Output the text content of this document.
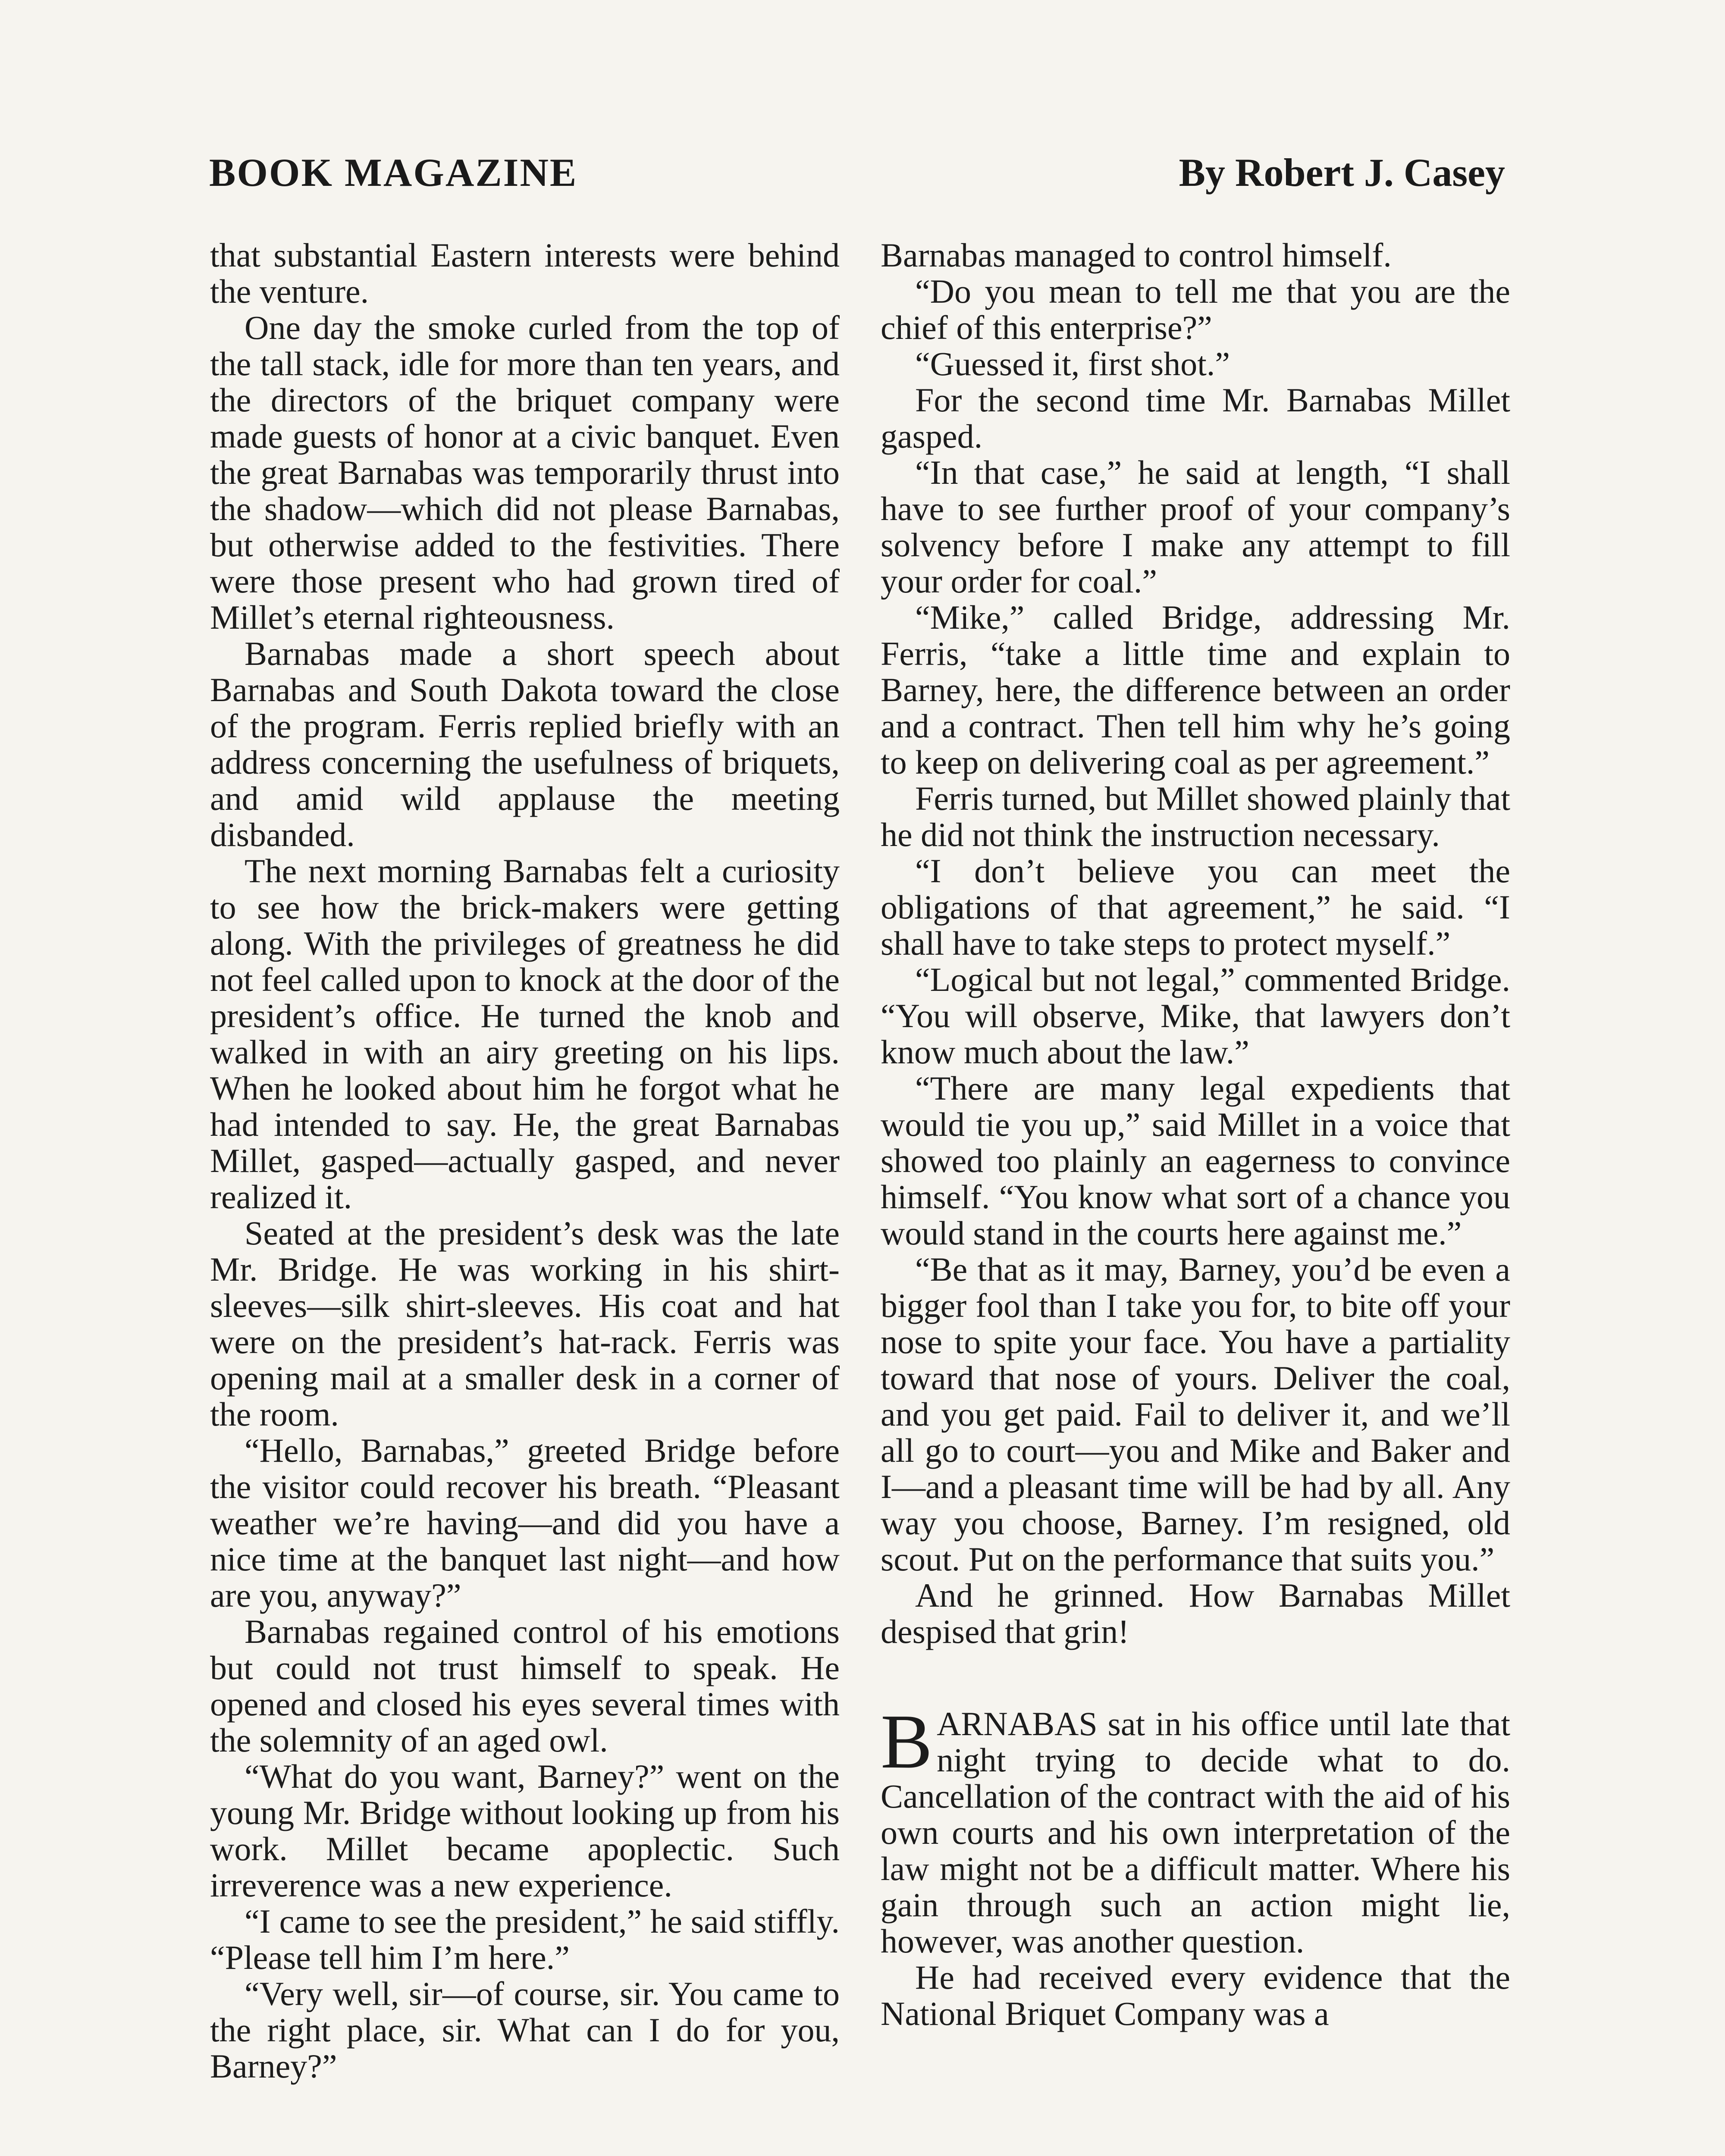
BOOK MAGAZINE	By Robert J. Casey

that substantial Eastern interests were behind the venture.

One day the smoke curled from the top of the tall stack, idle for more than ten years, and the directors of the briquet company were made guests of honor at a civic banquet. Even the great Barnabas was temporarily thrust into the shadow—which did not please Barnabas, but otherwise added to the festivities. There were those present who had grown tired of Millet’s eternal righteousness.

Barnabas made a short speech about Barnabas and South Dakota toward the close of the program. Ferris replied briefly with an address concerning the usefulness of briquets, and amid wild applause the meeting disbanded.

The next morning Barnabas felt a curiosity to see how the brick-makers were getting along. With the privileges of greatness he did not feel called upon to knock at the door of the president’s office. He turned the knob and walked in with an airy greeting on his lips. When he looked about him he forgot what he had intended to say. He, the great Barnabas Millet, gasped—actually gasped, and never realized it.

Seated at the president’s desk was the late Mr. Bridge. He was working in his shirt-sleeves—silk shirt-sleeves. His coat and hat were on the president’s hat-rack. Ferris was opening mail at a smaller desk in a corner of the room.

“Hello, Barnabas,” greeted Bridge before the visitor could recover his breath. “Pleasant weather we’re having—and did you have a nice time at the banquet last night—and how are you, anyway?”

Barnabas regained control of his emotions but could not trust himself to speak. He opened and closed his eyes several times with the solemnity of an aged owl.

“What do you want, Barney?” went on the young Mr. Bridge without looking up from his work. Millet became apoplectic. Such irreverence was a new experience.

“I came to see the president,” he said stiffly. “Please tell him I’m here.”

“Very well, sir—of course, sir. You came to the right place, sir. What can I do for you, Barney?”

Barnabas managed to control himself.

“Do you mean to tell me that you are the chief of this enterprise?”

“Guessed it, first shot.”

For the second time Mr. Barnabas Millet gasped.

“In that case,” he said at length, “I shall have to see further proof of your company’s solvency before I make any attempt to fill your order for coal.”

“Mike,” called Bridge, addressing Mr. Ferris, “take a little time and explain to Barney, here, the difference between an order and a contract. Then tell him why he’s going to keep on delivering coal as per agreement.”

Ferris turned, but Millet showed plainly that he did not think the instruction necessary.

“I don’t believe you can meet the obligations of that agreement,” he said. “I shall have to take steps to protect myself.”

“Logical but not legal,” commented Bridge. “You will observe, Mike, that lawyers don’t know much about the law.”

“There are many legal expedients that would tie you up,” said Millet in a voice that showed too plainly an eagerness to convince himself. “You know what sort of a chance you would stand in the courts here against me.”

“Be that as it may, Barney, you’d be even a bigger fool than I take you for, to bite off your nose to spite your face. You have a partiality toward that nose of yours. Deliver the coal, and you get paid. Fail to deliver it, and we’ll all go to court—you and Mike and Baker and I—and a pleasant time will be had by all. Any way you choose, Barney. I’m resigned, old scout. Put on the performance that suits you.”

And he grinned. How Barnabas Millet despised that grin!

B ARNABAS sat in his office until late that night trying to decide what to do. Cancellation of the contract with the aid of his own courts and his own interpretation of the law might not be a difficult matter. Where his gain through such an action might lie, however, was another question.

He had received every evidence that the National Briquet Company was a
